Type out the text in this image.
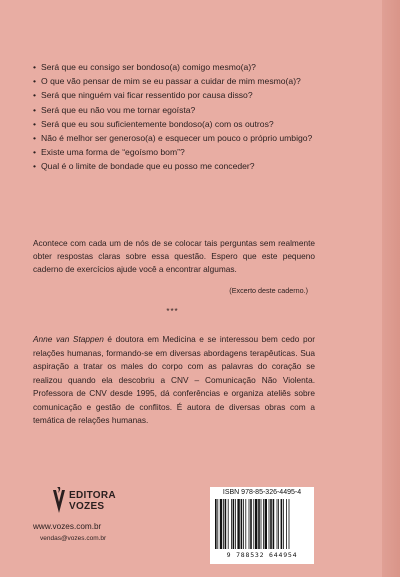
• Será que eu consigo ser bondoso(a) comigo mesmo(a)?
• O que vão pensar de mim se eu passar a cuidar de mim mesmo(a)?
• Será que ninguém vai ficar ressentido por causa disso?
• Será que eu não vou me tornar egoísta?
• Será que eu sou suficientemente bondoso(a) com os outros?
• Não é melhor ser generoso(a) e esquecer um pouco o próprio umbigo?
• Existe uma forma de “egoísmo bom”?
• Qual é o limite de bondade que eu posso me conceder?

Acontece com cada um de nós de se colocar tais perguntas sem realmente obter respostas claras sobre essa questão. Espero que este pequeno caderno de exercícios ajude você a encontrar algumas.

(Excerto deste caderno.)
***

Anne van Stappen é doutora em Medicina e se interessou bem cedo por relações humanas, formando-se em diversas abordagens terapêuticas. Sua aspiração a tratar os males do corpo com as palavras do coração se realizou quando ela descobriu a CNV – Comunicação Não Violenta. Professora de CNV desde 1995, dá conferências e organiza ateliês sobre comunicação e gestão de conflitos. É autora de diversas obras com a temática de relações humanas.

EDITORA
VOZES
www.vozes.com.br
vendas@vozes.com.br
ISBN 978-85-326-4495-4
9 788532 644954
